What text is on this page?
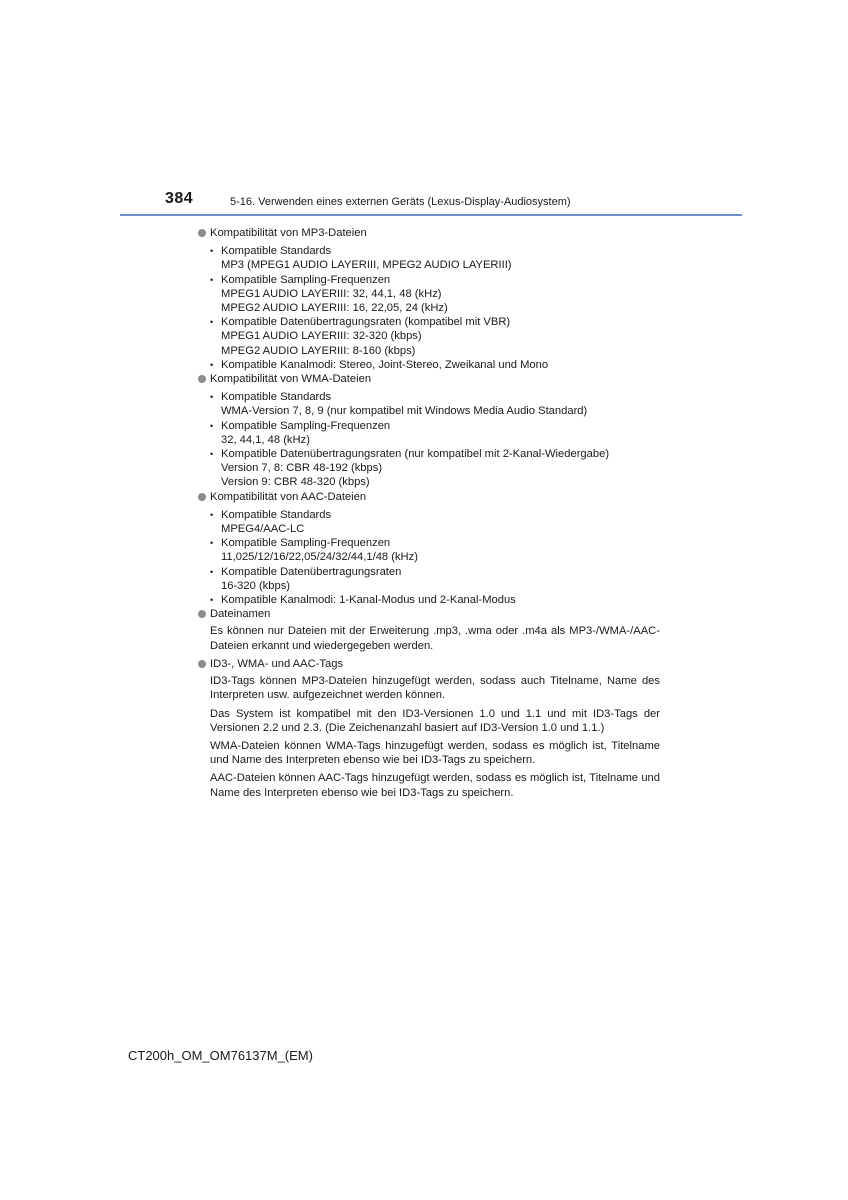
384	5-16. Verwenden eines externen Geräts (Lexus-Display-Audiosystem)
Kompatibilität von MP3-Dateien
• Kompatible Standards
MP3 (MPEG1 AUDIO LAYERIII, MPEG2 AUDIO LAYERIII)
• Kompatible Sampling-Frequenzen
MPEG1 AUDIO LAYERIII: 32, 44,1, 48 (kHz)
MPEG2 AUDIO LAYERIII: 16, 22,05, 24 (kHz)
• Kompatible Datenübertragungsraten (kompatibel mit VBR)
MPEG1 AUDIO LAYERIII: 32-320 (kbps)
MPEG2 AUDIO LAYERIII: 8-160 (kbps)
• Kompatible Kanalmodi: Stereo, Joint-Stereo, Zweikanal und Mono
Kompatibilität von WMA-Dateien
• Kompatible Standards
WMA-Version 7, 8, 9 (nur kompatibel mit Windows Media Audio Standard)
• Kompatible Sampling-Frequenzen
32, 44,1, 48 (kHz)
• Kompatible Datenübertragungsraten (nur kompatibel mit 2-Kanal-Wiedergabe)
Version 7, 8: CBR 48-192 (kbps)
Version 9: CBR 48-320 (kbps)
Kompatibilität von AAC-Dateien
• Kompatible Standards
MPEG4/AAC-LC
• Kompatible Sampling-Frequenzen
11,025/12/16/22,05/24/32/44,1/48 (kHz)
• Kompatible Datenübertragungsraten
16-320 (kbps)
• Kompatible Kanalmodi: 1-Kanal-Modus und 2-Kanal-Modus
Dateinamen
Es können nur Dateien mit der Erweiterung .mp3, .wma oder .m4a als MP3-/WMA-/AAC-Dateien erkannt und wiedergegeben werden.
ID3-, WMA- und AAC-Tags
ID3-Tags können MP3-Dateien hinzugefügt werden, sodass auch Titelname, Name des Interpreten usw. aufgezeichnet werden können.
Das System ist kompatibel mit den ID3-Versionen 1.0 und 1.1 und mit ID3-Tags der Versionen 2.2 und 2.3. (Die Zeichenanzahl basiert auf ID3-Version 1.0 und 1.1.)
WMA-Dateien können WMA-Tags hinzugefügt werden, sodass es möglich ist, Titelname und Name des Interpreten ebenso wie bei ID3-Tags zu speichern.
AAC-Dateien können AAC-Tags hinzugefügt werden, sodass es möglich ist, Titelname und Name des Interpreten ebenso wie bei ID3-Tags zu speichern.
CT200h_OM_OM76137M_(EM)
